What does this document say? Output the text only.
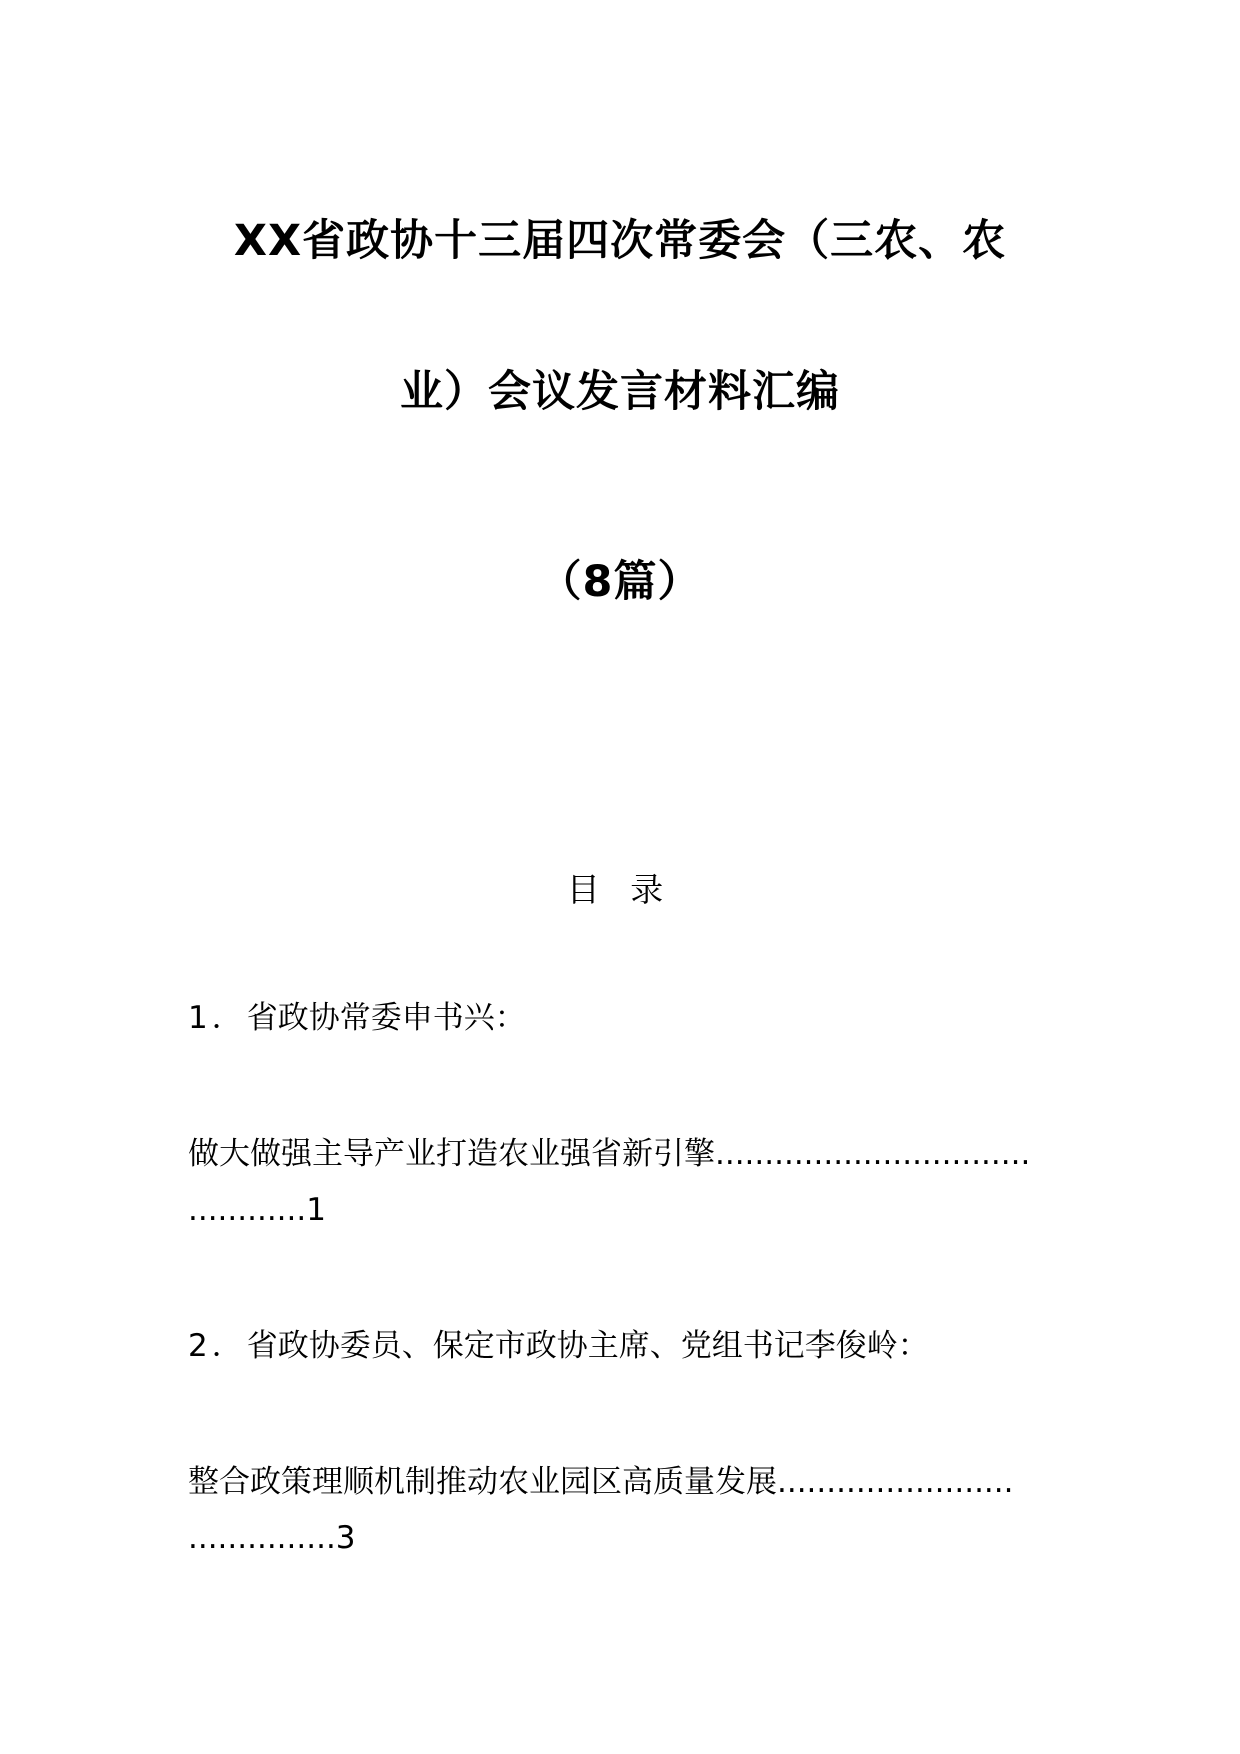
XX省政协十三届四次常委会（三农、农
业）会议发言材料汇编
（8篇）
目 录
1．省政协常委申书兴：
做大做强主导产业打造农业强省新引擎................................
............1
2．省政协委员、保定市政协主席、党组书记李俊岭：
整合政策理顺机制推动农业园区高质量发展........................
...............3
